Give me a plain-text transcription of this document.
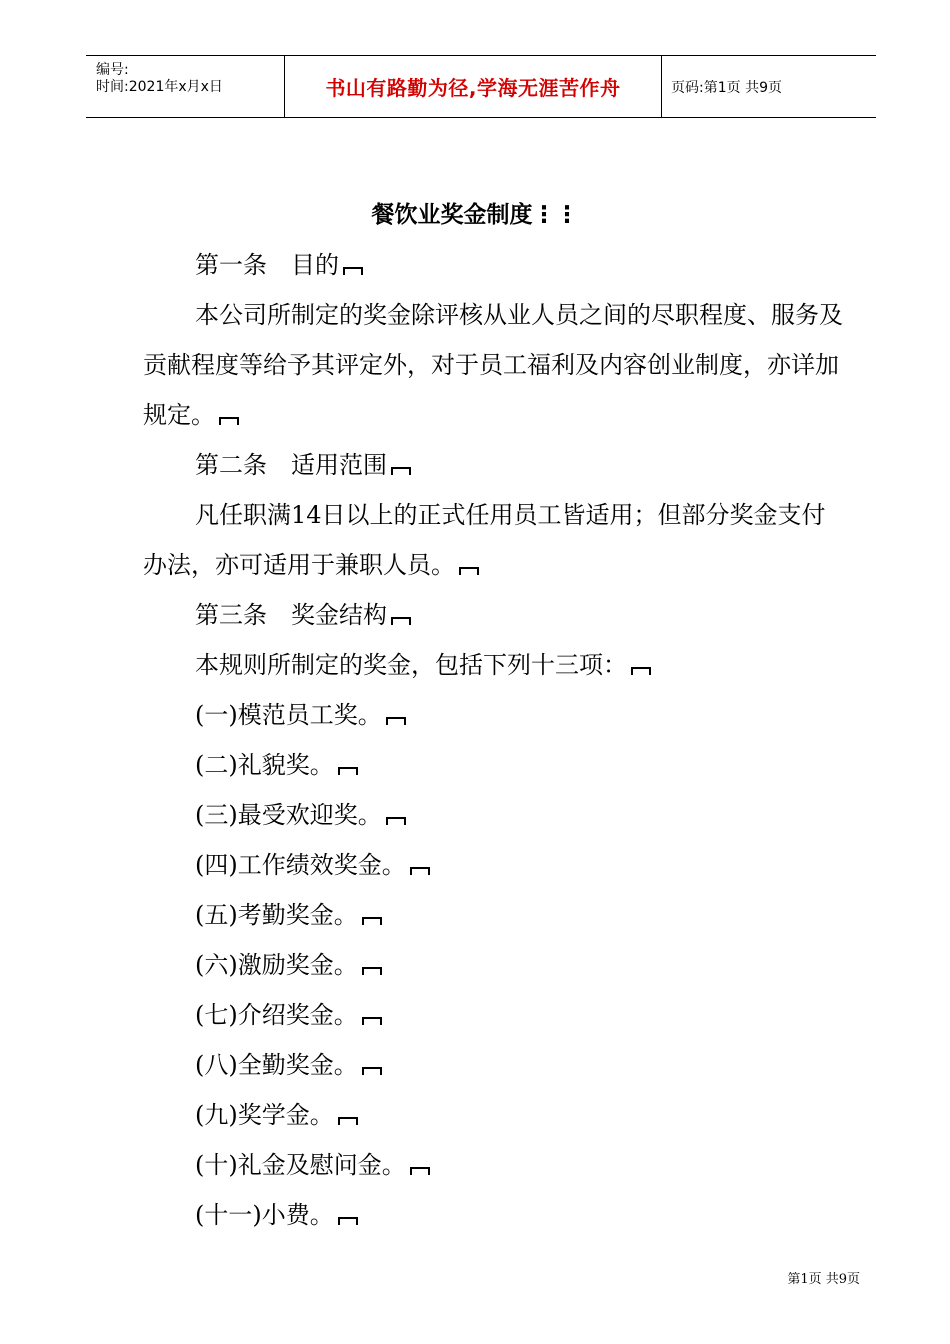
编号:
时间:2021年x月x日	书山有路勤为径,学海无涯苦作舟	页码:第1页 共9页
餐饮业奖金制度⋮⋮
第一条　目的
本公司所制定的奖金除评核从业人员之间的尽职程度、服务及贡献程度等给予其评定外，对于员工福利及内容创业制度，亦详加规定。
第二条　适用范围
凡任职满14日以上的正式任用员工皆适用；但部分奖金支付办法，亦可适用于兼职人员。
第三条　奖金结构
本规则所制定的奖金，包括下列十三项：
(一)模范员工奖。
(二)礼貌奖。
(三)最受欢迎奖。
(四)工作绩效奖金。
(五)考勤奖金。
(六)激励奖金。
(七)介绍奖金。
(八)全勤奖金。
(九)奖学金。
(十)礼金及慰问金。
(十一)小费。
第1页 共9页
